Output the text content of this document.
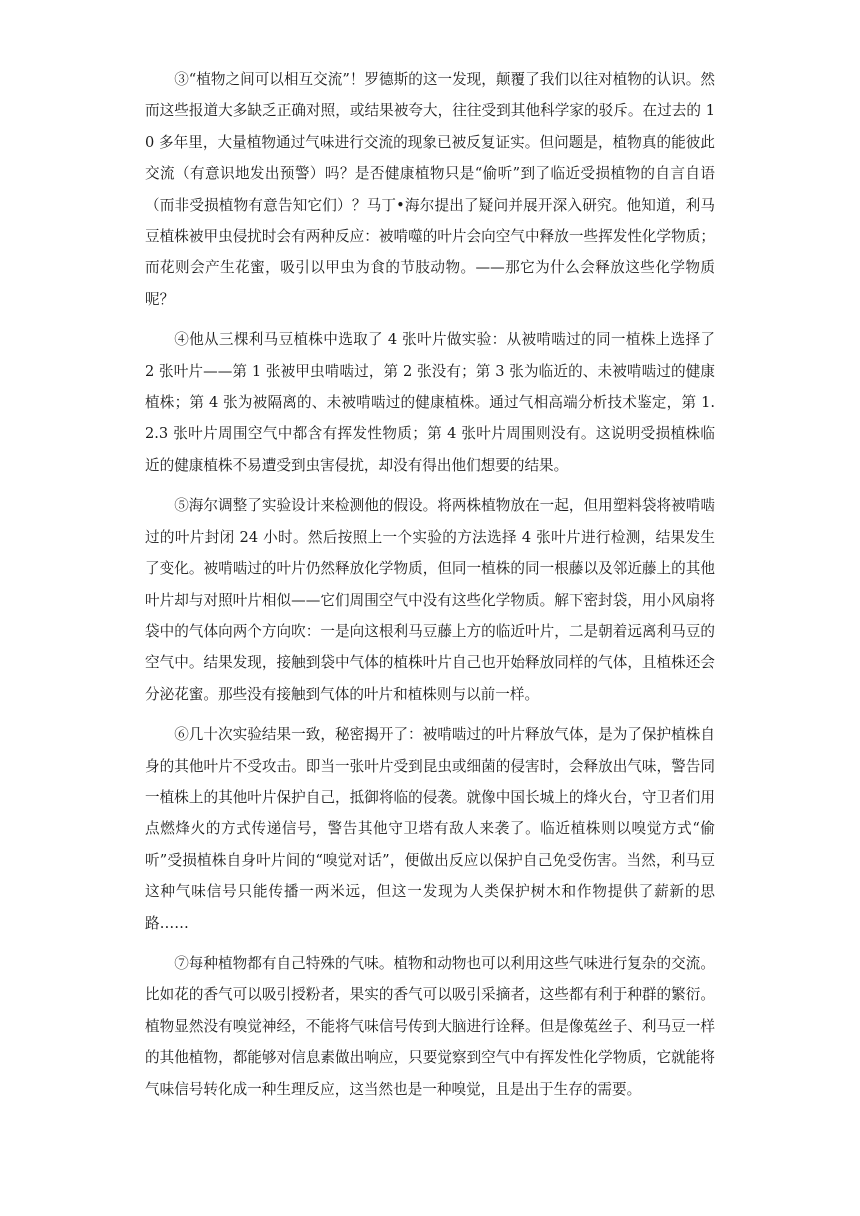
③“植物之间可以相互交流”！罗德斯的这一发现，颠覆了我们以往对植物的认识。然而这些报道大多缺乏正确对照，或结果被夸大，往往受到其他科学家的驳斥。在过去的 10 多年里，大量植物通过气味进行交流的现象已被反复证实。但问题是，植物真的能彼此交流（有意识地发出预警）吗？是否健康植物只是“偷听”到了临近受损植物的自言自语（而非受损植物有意告知它们）？马丁•海尔提出了疑问并展开深入研究。他知道，利马豆植株被甲虫侵扰时会有两种反应：被啃噬的叶片会向空气中释放一些挥发性化学物质；而花则会产生花蜜，吸引以甲虫为食的节肢动物。——那它为什么会释放这些化学物质呢？

④他从三棵利马豆植株中选取了 4 张叶片做实验：从被啃啮过的同一植株上选择了 2 张叶片——第 1 张被甲虫啃啮过，第 2 张没有；第 3 张为临近的、未被啃啮过的健康植株；第 4 张为被隔离的、未被啃啮过的健康植株。通过气相高端分析技术鉴定，第 1.2.3 张叶片周围空气中都含有挥发性物质；第 4 张叶片周围则没有。这说明受损植株临近的健康植株不易遭受到虫害侵扰，却没有得出他们想要的结果。

⑤海尔调整了实验设计来检测他的假设。将两株植物放在一起，但用塑料袋将被啃啮过的叶片封闭 24 小时。然后按照上一个实验的方法选择 4 张叶片进行检测，结果发生了变化。被啃啮过的叶片仍然释放化学物质，但同一植株的同一根藤以及邻近藤上的其他叶片却与对照叶片相似——它们周围空气中没有这些化学物质。解下密封袋，用小风扇将袋中的气体向两个方向吹：一是向这根利马豆藤上方的临近叶片，二是朝着远离利马豆的空气中。结果发现，接触到袋中气体的植株叶片自己也开始释放同样的气体，且植株还会分泌花蜜。那些没有接触到气体的叶片和植株则与以前一样。

⑥几十次实验结果一致，秘密揭开了：被啃啮过的叶片释放气体，是为了保护植株自身的其他叶片不受攻击。即当一张叶片受到昆虫或细菌的侵害时，会释放出气味，警告同一植株上的其他叶片保护自己，抵御将临的侵袭。就像中国长城上的烽火台，守卫者们用点燃烽火的方式传递信号，警告其他守卫塔有敌人来袭了。临近植株则以嗅觉方式“偷听”受损植株自身叶片间的“嗅觉对话”，便做出反应以保护自己免受伤害。当然，利马豆这种气味信号只能传播一两米远，但这一发现为人类保护树木和作物提供了薪新的思路……

⑦每种植物都有自己特殊的气味。植物和动物也可以利用这些气味进行复杂的交流。比如花的香气可以吸引授粉者，果实的香气可以吸引采摘者，这些都有利于种群的繁衍。植物显然没有嗅觉神经，不能将气味信号传到大脑进行诠释。但是像菟丝子、利马豆一样的其他植物，都能够对信息素做出响应，只要觉察到空气中有挥发性化学物质，它就能将气味信号转化成一种生理反应，这当然也是一种嗅觉，且是出于生存的需要。
